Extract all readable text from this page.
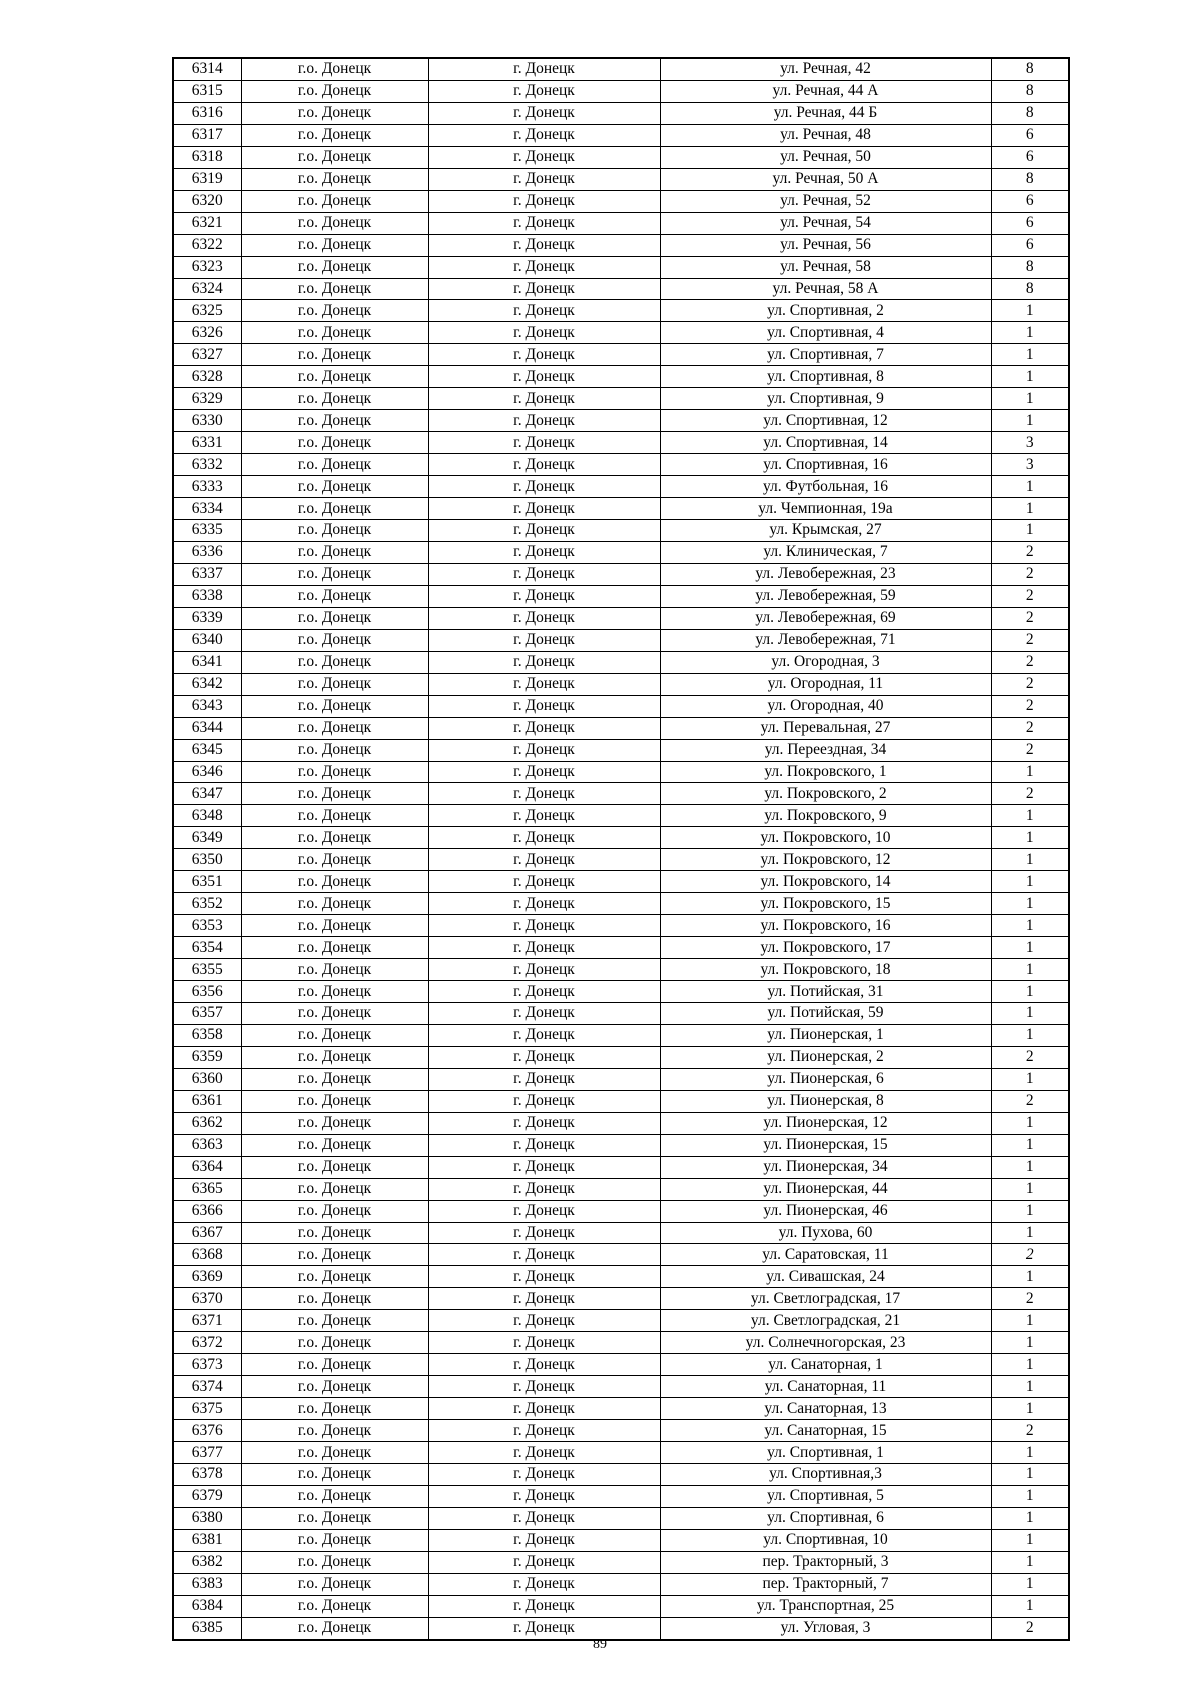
6314	г.о. Донецк	г. Донецк	ул. Речная, 42	8
6315	г.о. Донецк	г. Донецк	ул. Речная, 44 А	8
6316	г.о. Донецк	г. Донецк	ул. Речная, 44 Б	8
6317	г.о. Донецк	г. Донецк	ул. Речная, 48	6
6318	г.о. Донецк	г. Донецк	ул. Речная, 50	6
6319	г.о. Донецк	г. Донецк	ул. Речная, 50 А	8
6320	г.о. Донецк	г. Донецк	ул. Речная, 52	6
6321	г.о. Донецк	г. Донецк	ул. Речная, 54	6
6322	г.о. Донецк	г. Донецк	ул. Речная, 56	6
6323	г.о. Донецк	г. Донецк	ул. Речная, 58	8
6324	г.о. Донецк	г. Донецк	ул. Речная, 58 А	8
6325	г.о. Донецк	г. Донецк	ул. Спортивная, 2	1
6326	г.о. Донецк	г. Донецк	ул. Спортивная, 4	1
6327	г.о. Донецк	г. Донецк	ул. Спортивная, 7	1
6328	г.о. Донецк	г. Донецк	ул. Спортивная, 8	1
6329	г.о. Донецк	г. Донецк	ул. Спортивная, 9	1
6330	г.о. Донецк	г. Донецк	ул. Спортивная, 12	1
6331	г.о. Донецк	г. Донецк	ул. Спортивная, 14	3
6332	г.о. Донецк	г. Донецк	ул. Спортивная, 16	3
6333	г.о. Донецк	г. Донецк	ул. Футбольная, 16	1
6334	г.о. Донецк	г. Донецк	ул. Чемпионная, 19а	1
6335	г.о. Донецк	г. Донецк	ул. Крымская, 27	1
6336	г.о. Донецк	г. Донецк	ул. Клиническая, 7	2
6337	г.о. Донецк	г. Донецк	ул. Левобережная, 23	2
6338	г.о. Донецк	г. Донецк	ул. Левобережная, 59	2
6339	г.о. Донецк	г. Донецк	ул. Левобережная, 69	2
6340	г.о. Донецк	г. Донецк	ул. Левобережная, 71	2
6341	г.о. Донецк	г. Донецк	ул. Огородная, 3	2
6342	г.о. Донецк	г. Донецк	ул. Огородная, 11	2
6343	г.о. Донецк	г. Донецк	ул. Огородная, 40	2
6344	г.о. Донецк	г. Донецк	ул. Перевальная, 27	2
6345	г.о. Донецк	г. Донецк	ул. Переездная, 34	2
6346	г.о. Донецк	г. Донецк	ул. Покровского, 1	1
6347	г.о. Донецк	г. Донецк	ул. Покровского, 2	2
6348	г.о. Донецк	г. Донецк	ул. Покровского, 9	1
6349	г.о. Донецк	г. Донецк	ул. Покровского, 10	1
6350	г.о. Донецк	г. Донецк	ул. Покровского, 12	1
6351	г.о. Донецк	г. Донецк	ул. Покровского, 14	1
6352	г.о. Донецк	г. Донецк	ул. Покровского, 15	1
6353	г.о. Донецк	г. Донецк	ул. Покровского, 16	1
6354	г.о. Донецк	г. Донецк	ул. Покровского, 17	1
6355	г.о. Донецк	г. Донецк	ул. Покровского, 18	1
6356	г.о. Донецк	г. Донецк	ул. Потийская, 31	1
6357	г.о. Донецк	г. Донецк	ул. Потийская, 59	1
6358	г.о. Донецк	г. Донецк	ул. Пионерская, 1	1
6359	г.о. Донецк	г. Донецк	ул. Пионерская, 2	2
6360	г.о. Донецк	г. Донецк	ул. Пионерская, 6	1
6361	г.о. Донецк	г. Донецк	ул. Пионерская, 8	2
6362	г.о. Донецк	г. Донецк	ул. Пионерская, 12	1
6363	г.о. Донецк	г. Донецк	ул. Пионерская, 15	1
6364	г.о. Донецк	г. Донецк	ул. Пионерская, 34	1
6365	г.о. Донецк	г. Донецк	ул. Пионерская, 44	1
6366	г.о. Донецк	г. Донецк	ул. Пионерская, 46	1
6367	г.о. Донецк	г. Донецк	ул. Пухова, 60	1
6368	г.о. Донецк	г. Донецк	ул. Саратовская, 11	2
6369	г.о. Донецк	г. Донецк	ул. Сивашская, 24	1
6370	г.о. Донецк	г. Донецк	ул. Светлоградская, 17	2
6371	г.о. Донецк	г. Донецк	ул. Светлоградская, 21	1
6372	г.о. Донецк	г. Донецк	ул. Солнечногорская, 23	1
6373	г.о. Донецк	г. Донецк	ул. Санаторная, 1	1
6374	г.о. Донецк	г. Донецк	ул. Санаторная, 11	1
6375	г.о. Донецк	г. Донецк	ул. Санаторная, 13	1
6376	г.о. Донецк	г. Донецк	ул. Санаторная, 15	2
6377	г.о. Донецк	г. Донецк	ул. Спортивная, 1	1
6378	г.о. Донецк	г. Донецк	ул. Спортивная,3	1
6379	г.о. Донецк	г. Донецк	ул. Спортивная, 5	1
6380	г.о. Донецк	г. Донецк	ул. Спортивная, 6	1
6381	г.о. Донецк	г. Донецк	ул. Спортивная, 10	1
6382	г.о. Донецк	г. Донецк	пер. Тракторный, 3	1
6383	г.о. Донецк	г. Донецк	пер. Тракторный, 7	1
6384	г.о. Донецк	г. Донецк	ул. Транспортная, 25	1
6385	г.о. Донецк	г. Донецк	ул. Угловая, 3	2
89
